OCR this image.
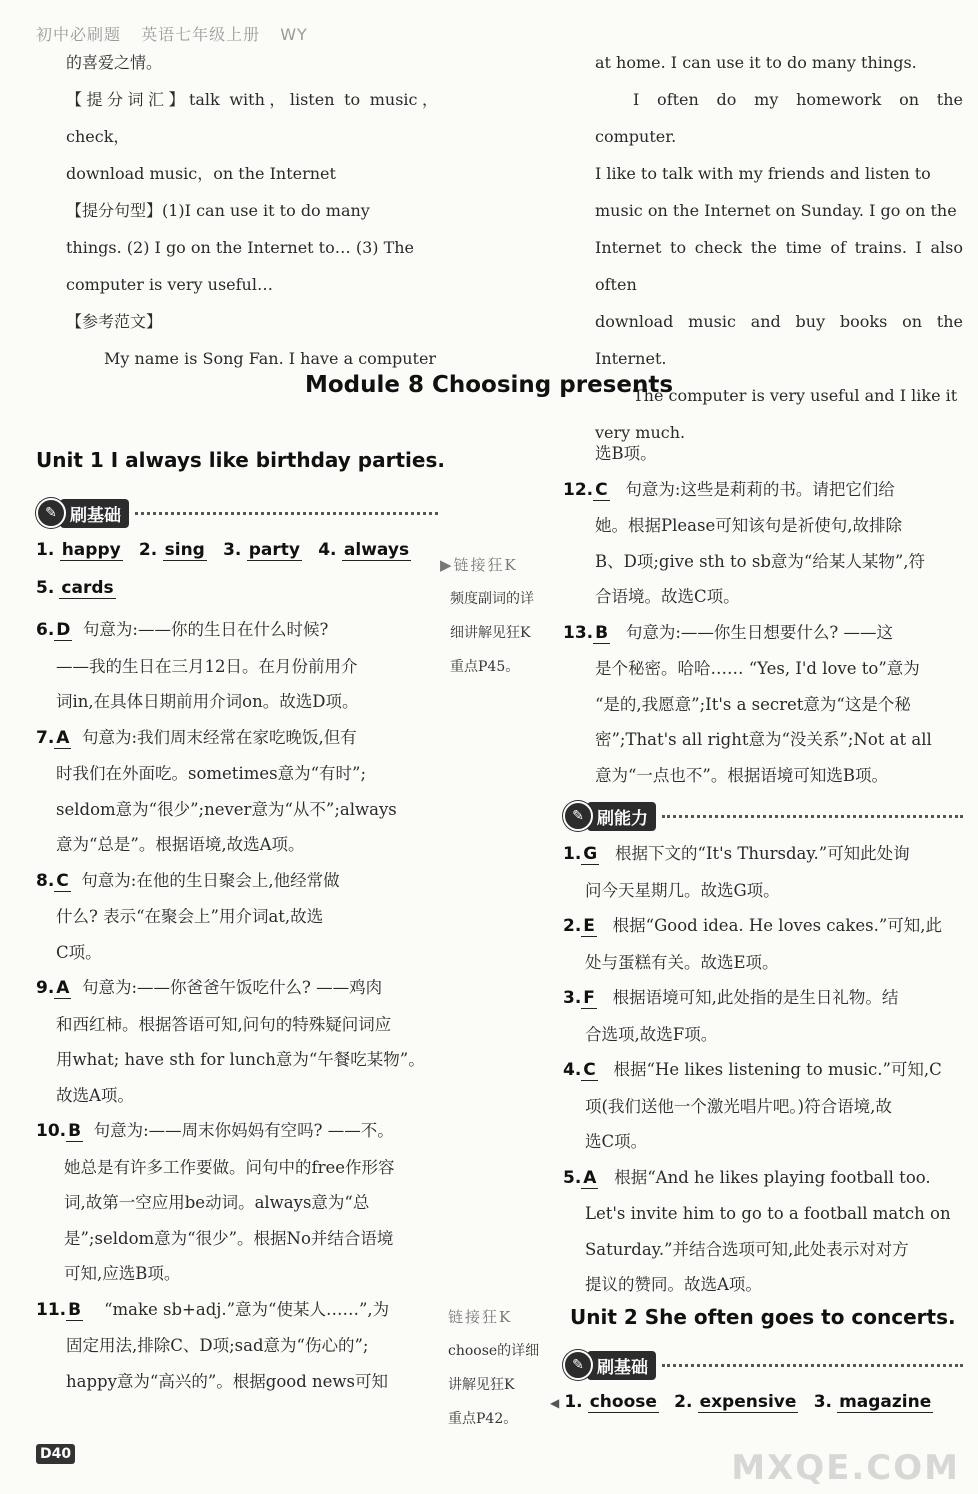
初中必刷题 英语七年级上册 WY

的喜爱之情。

【提分词汇】talk with，listen to music，check，

download music，on the Internet

【提分句型】(1)I can use it to do many

things. (2) I go on the Internet to… (3) The

computer is very useful…

【参考范文】

My name is Song Fan. I have a computer

at home. I can use it to do many things.

I often do my homework on the computer.

I like to talk with my friends and listen to

music on the Internet on Sunday. I go on the

Internet to check the time of trains. I also often

download music and buy books on the Internet.

The computer is very useful and I like it

very much.

Module 8 Choosing presents
Unit 1 I always like birthday parties.
✎ 刷基础
1. happy 2. sing 3. party 4. always
5. cards

6. D 句意为:——你的生日在什么时候?

——我的生日在三月12日。在月份前用介

词in,在具体日期前用介词on。故选D项。

7. A 句意为:我们周末经常在家吃晚饭,但有

时我们在外面吃。sometimes意为“有时”;

seldom意为“很少”;never意为“从不”;always

意为“总是”。根据语境,故选A项。

8. C 句意为:在他的生日聚会上,他经常做

什么? 表示“在聚会上”用介词at,故选

C项。

9. A 句意为:——你爸爸午饭吃什么? ——鸡肉

和西红柿。根据答语可知,问句的特殊疑问词应

用what; have sth for lunch意为“午餐吃某物”。

故选A项。

10. B 句意为:——周末你妈妈有空吗? ——不。

她总是有许多工作要做。问句中的free作形容

词,故第一空应用be动词。always意为“总

是”;seldom意为“很少”。根据No并结合语境

可知,应选B项。

11. B “make sb+adj.”意为“使某人……”,为

固定用法,排除C、D项;sad意为“伤心的”;

happy意为“高兴的”。根据good news可知

▶链接狂K
频度副词的详
细讲解见狂K
重点P45。
链接狂K
choose的详细
讲解见狂K
重点P42。

选B项。

12. C 句意为:这些是莉莉的书。请把它们给

她。根据Please可知该句是祈使句,故排除

B、D项;give sth to sb意为“给某人某物”,符

合语境。故选C项。

13. B 句意为:——你生日想要什么? ——这

是个秘密。哈哈…… “Yes, I'd love to”意为

“是的,我愿意”;It's a secret意为“这是个秘

密”;That's all right意为“没关系”;Not at all

意为“一点也不”。根据语境可知选B项。

✎ 刷能力

1. G 根据下文的“It's Thursday.”可知此处询

问今天星期几。故选G项。

2. E 根据“Good idea. He loves cakes.”可知,此

处与蛋糕有关。故选E项。

3. F 根据语境可知,此处指的是生日礼物。结

合选项,故选F项。

4. C 根据“He likes listening to music.”可知,C

项(我们送他一个激光唱片吧。)符合语境,故

选C项。

5. A 根据“And he likes playing football too.

Let's invite him to go to a football match on

Saturday.”并结合选项可知,此处表示对对方

提议的赞同。故选A项。

Unit 2 She often goes to concerts.
✎ 刷基础
◀ 1. choose 2. expensive 3. magazine
D40	MXQE.COM
